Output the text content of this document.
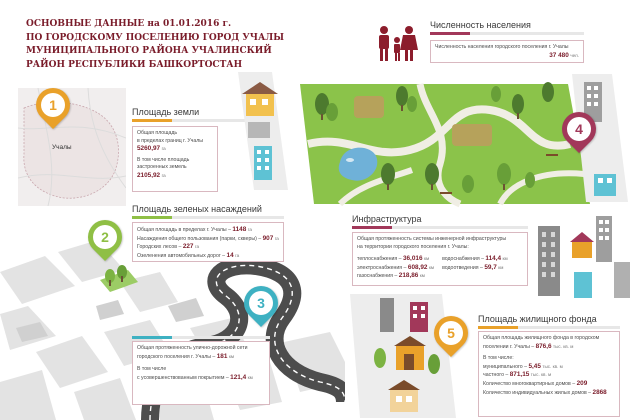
ОСНОВНЫЕ ДАННЫЕ на 01.01.2016 г.
ПО ГОРОДСКОМУ ПОСЕЛЕНИЮ ГОРОД УЧАЛЫ
МУНИЦИПАЛЬНОГО РАЙОНА УЧАЛИНСКИЙ
РАЙОН РЕСПУБЛИКИ БАШКОРТОСТАН
Учалы
1	Площадь земли
Общая площадь
в пределах границ г. Учалы
5260,97 га
В том числе площадь
застроенных земель
2105,92 га
Численность населения
Численность населения городского поселения г. Учалы
37 480 чел.
4
2
Площадь зеленых насаждений
Общая площадь в пределах г. Учалы – 1148 га
Насаждения общего пользования (парки, скверы) – 907 га
Городских лесов – 227 га
Озеленения автомобильных дорог – 14 га
3
Общая протяженность улично-дорожной сети
городского поселения г. Учалы – 181 км
В том числе
с усовершенствованным покрытием – 121,4 км
Инфраструктура
Общая протяженность системы инженерной инфраструктуры
на территории городского поселения г. Учалы:
теплоснабжения – 36,016 км
электроснабжения – 608,92 км
газоснабжения – 218,86 км
водоснабжения – 114,4 км
водоотведения – 59,7 км
5
Площадь жилищного фонда
Общая площадь жилищного фонда в городском
поселении г. Учалы – 876,6 тыс. кв. м
В том числе:
муниципального – 5,45 тыс. кв. м
частного – 871,15 тыс. кв. м
Количество многоквартирных домов – 209
Количество индивидуальных жилых домов – 2868
